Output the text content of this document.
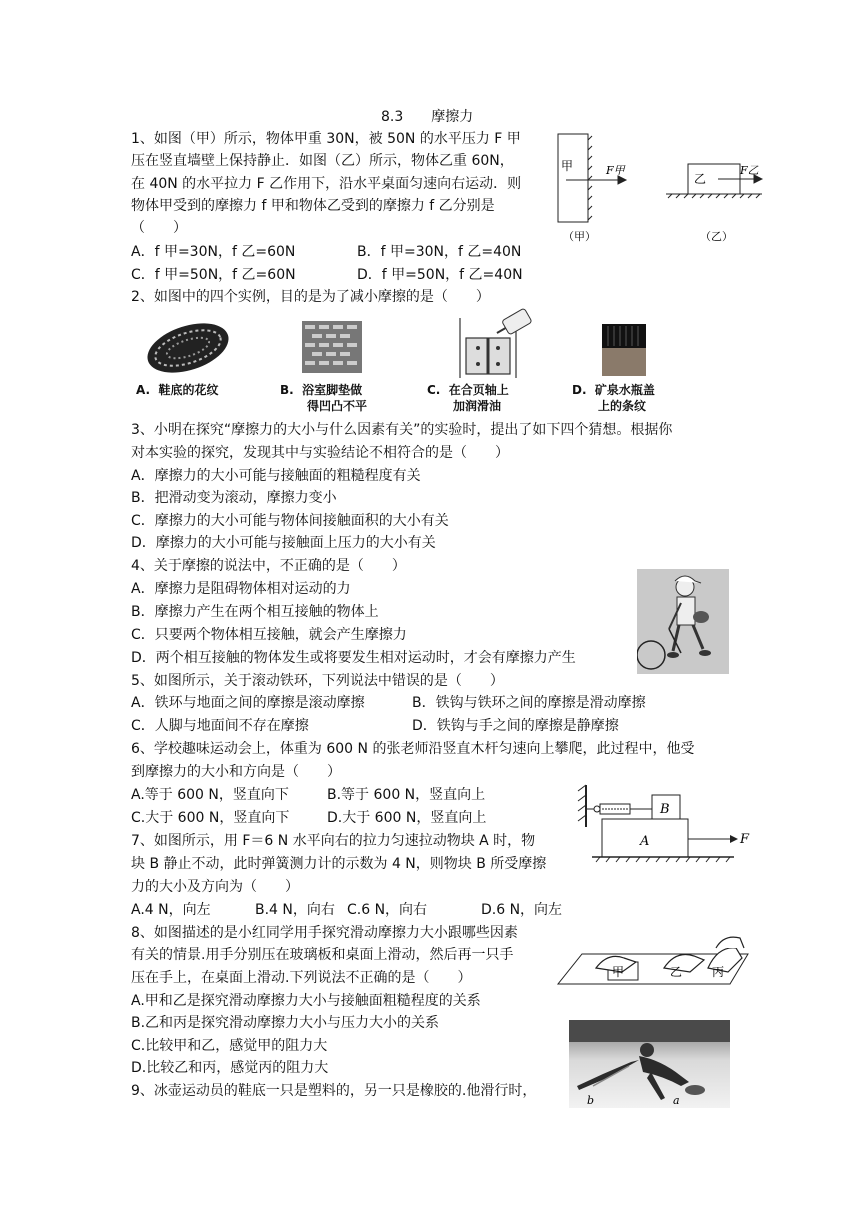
8.3 摩擦力
1、如图（甲）所示，物体甲重 30N，被 50N 的水平压力 F 甲
压在竖直墙壁上保持静止．如图（乙）所示，物体乙重 60N，
在 40N 的水平拉力 F 乙作用下，沿水平桌面匀速向右运动．则
物体甲受到的摩擦力 f 甲和物体乙受到的摩擦力 f 乙分别是
（　　）
A．f 甲=30N，f 乙=60N	B．f 甲=30N，f 乙=40N
C．f 甲=50N，f 乙=60N	D．f 甲=50N，f 乙=40N
甲	F甲
（甲）
乙
F乙
（乙）
2、如图中的四个实例，目的是为了减小摩擦的是（　　）
A. 鞋底的花纹	B. 浴室脚垫做
得凹凸不平
C. 在合页轴上
加润滑油
D. 矿泉水瓶盖
上的条纹
3、小明在探究“摩擦力的大小与什么因素有关”的实验时，提出了如下四个猜想。根据你
对本实验的探究，发现其中与实验结论不相符合的是（　　）
A．摩擦力的大小可能与接触面的粗糙程度有关
B．把滑动变为滚动，摩擦力变小
C．摩擦力的大小可能与物体间接触面积的大小有关
D．摩擦力的大小可能与接触面上压力的大小有关
4、关于摩擦的说法中，不正确的是（　　）
A．摩擦力是阻碍物体相对运动的力
B．摩擦力产生在两个相互接触的物体上
C．只要两个物体相互接触，就会产生摩擦力
D．两个相互接触的物体发生或将要发生相对运动时，才会有摩擦力产生
5、如图所示，关于滚动铁环，下列说法中错误的是（　　）
A．铁环与地面之间的摩擦是滚动摩擦	B．铁钩与铁环之间的摩擦是滑动摩擦
C．人脚与地面间不存在摩擦	D．铁钩与手之间的摩擦是静摩擦
6、学校趣味运动会上，体重为 600 N 的张老师沿竖直木杆匀速向上攀爬，此过程中，他受
到摩擦力的大小和方向是（　　）
A.等于 600 N，竖直向下	B.等于 600 N，竖直向上
C.大于 600 N，竖直向下	D.大于 600 N，竖直向上
B
A	F
7、如图所示，用 F＝6 N 水平向右的拉力匀速拉动物块 A 时，物
块 B 静止不动，此时弹簧测力计的示数为 4 N，则物块 B 所受摩擦
力的大小及方向为（　　）
A.4 N，向左	B.4 N，向右 C.6 N，向右	D.6 N，向左
甲	乙 丙
8、如图描述的是小红同学用手探究滑动摩擦力大小跟哪些因素
有关的情景.用手分别压在玻璃板和桌面上滑动，然后再一只手
压在手上，在桌面上滑动.下列说法不正确的是（　　）
A.甲和乙是探究滑动摩擦力大小与接触面粗糙程度的关系
B.乙和丙是探究滑动摩擦力大小与压力大小的关系
C.比较甲和乙，感觉甲的阻力大
D.比较乙和丙，感觉丙的阻力大
b	a
9、冰壶运动员的鞋底一只是塑料的，另一只是橡胶的.他滑行时，
